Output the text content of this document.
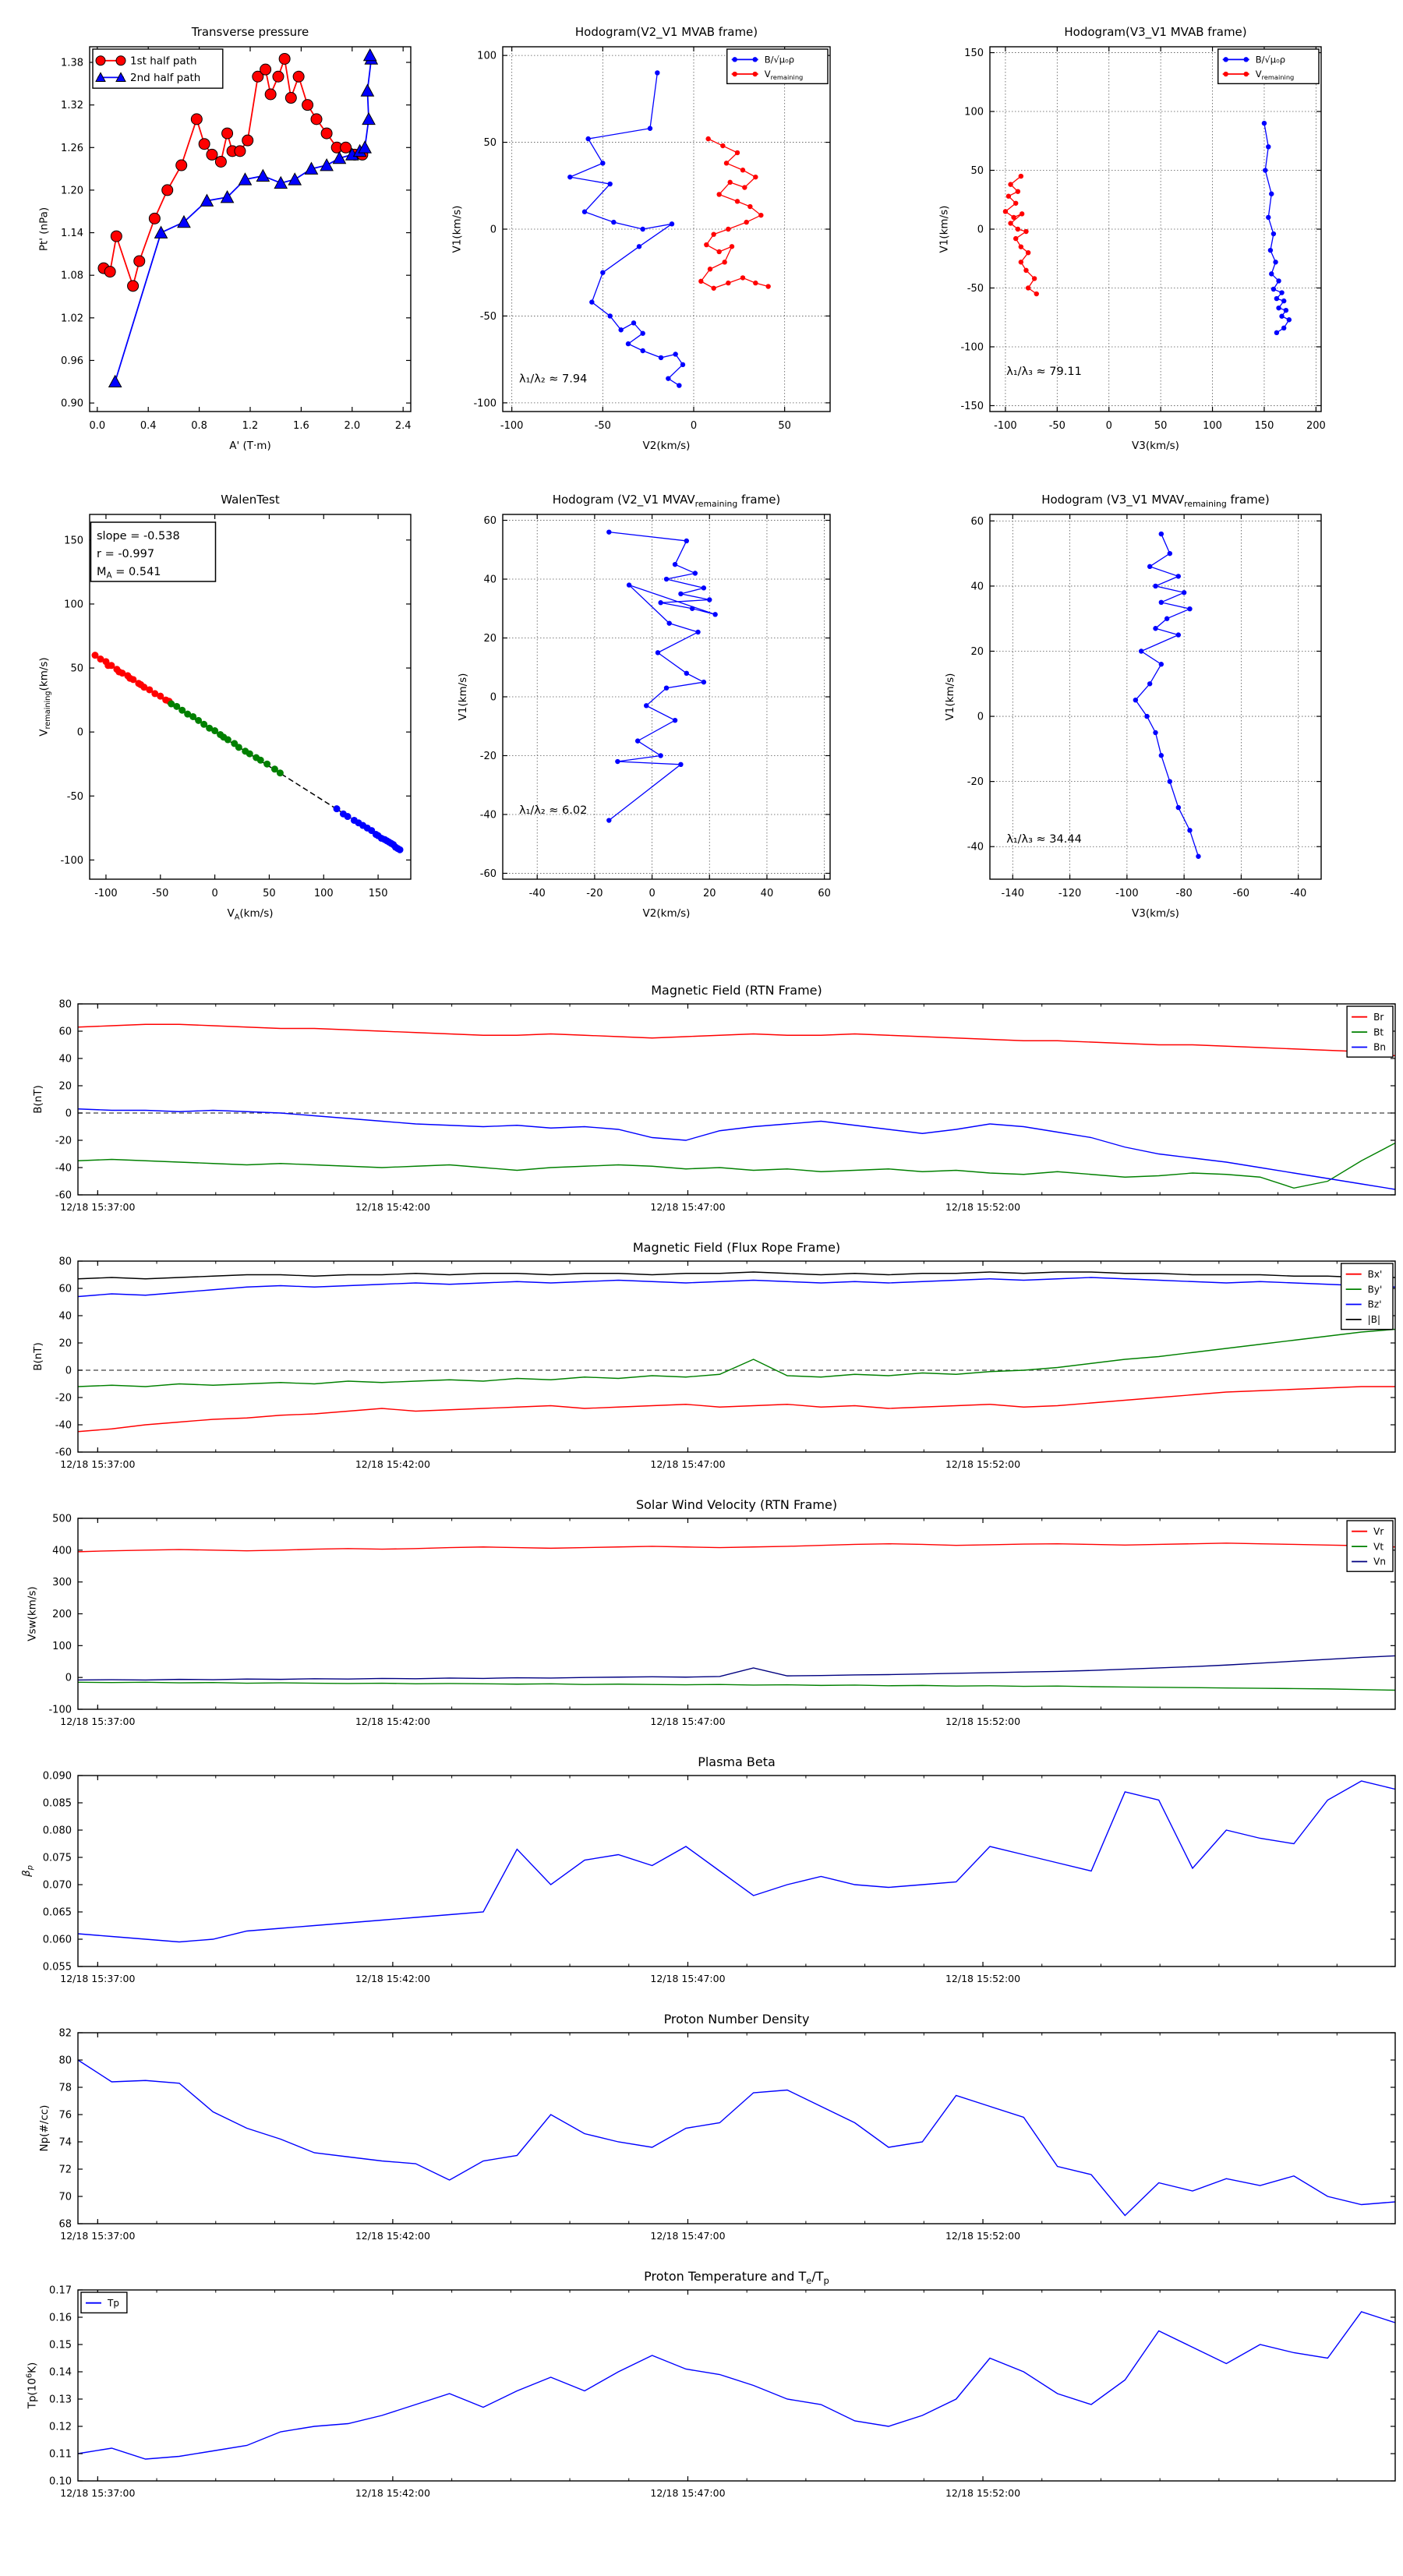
0.0	0.4	0.8	1.2	1.6	2.0	2.4
0.90
0.96
1.02
1.08
1.14
1.20
1.26
1.32
1.38
Transverse pressure
A' (T·m)
Pt' (nPa)
1st half path
2nd half path
-100	-50	0	50
-100
-50
0
50
100
Hodogram(V2_V1 MVAB frame)
V2(km/s)
V1(km/s)
λ₁/λ₂ ≈ 7.94
B/√μ₀ρ
$V_{remaining}$
-100	-50	0	50	100	150	200
-150
-100
-50
0
50
100
150
Hodogram(V3_V1 MVAB frame)
V3(km/s)
V1(km/s)
λ₁/λ₃ ≈ 79.11
B/√μ₀ρ
$V_{remaining}$
-100	-50	0	50	100	150
-100
-50
0
50
100
150
WalenTest
$V_A(km/s)$
$V_{remaining}(km/s)$
slope = -0.538
r = -0.997
$M_A = 0.541$
-40	-20	0	20	40	60
-60
-40
-20
0
20
40
60
Hodogram (V2_V1 $MVAV_{remaining}$ frame)
V2(km/s)
V1(km/s)
λ₁/λ₂ ≈ 6.02
-140	-120	-100	-80	-60	-40
-40
-20
0
20
40
60
Hodogram (V3_V1 $MVAV_{remaining}$ frame)
V3(km/s)
V1(km/s)
λ₁/λ₃ ≈ 34.44
12/18 15:37:00	12/18 15:42:00	12/18 15:47:00	12/18 15:52:00
-60
-40
-20
0
20
40
60
80
Magnetic Field (RTN Frame)
B(nT)
Br
Bt
Bn
12/18 15:37:00	12/18 15:42:00	12/18 15:47:00	12/18 15:52:00
-60
-40
-20
0
20
40
60
80
Magnetic Field (Flux Rope Frame)
B(nT)
Bx'
By'
Bz'
|B|
12/18 15:37:00	12/18 15:42:00	12/18 15:47:00	12/18 15:52:00
-100
0
100
200
300
400
500
Solar Wind Velocity (RTN Frame)
Vsw(km/s)
Vr
Vt
Vn
12/18 15:37:00	12/18 15:42:00	12/18 15:47:00	12/18 15:52:00
0.055
0.060
0.065
0.070
0.075
0.080
0.085
0.090
Plasma Beta
$\beta_p$
12/18 15:37:00	12/18 15:42:00	12/18 15:47:00	12/18 15:52:00
68
70
72
74
76
78
80
82
Proton Number Density
Np(#/cc)
12/18 15:37:00	12/18 15:42:00	12/18 15:47:00	12/18 15:52:00
0.10
0.11
0.12
0.13
0.14
0.15
0.16
0.17
Proton Temperature and $T_e/T_p$
$Tp(10^6K)$
Tp
